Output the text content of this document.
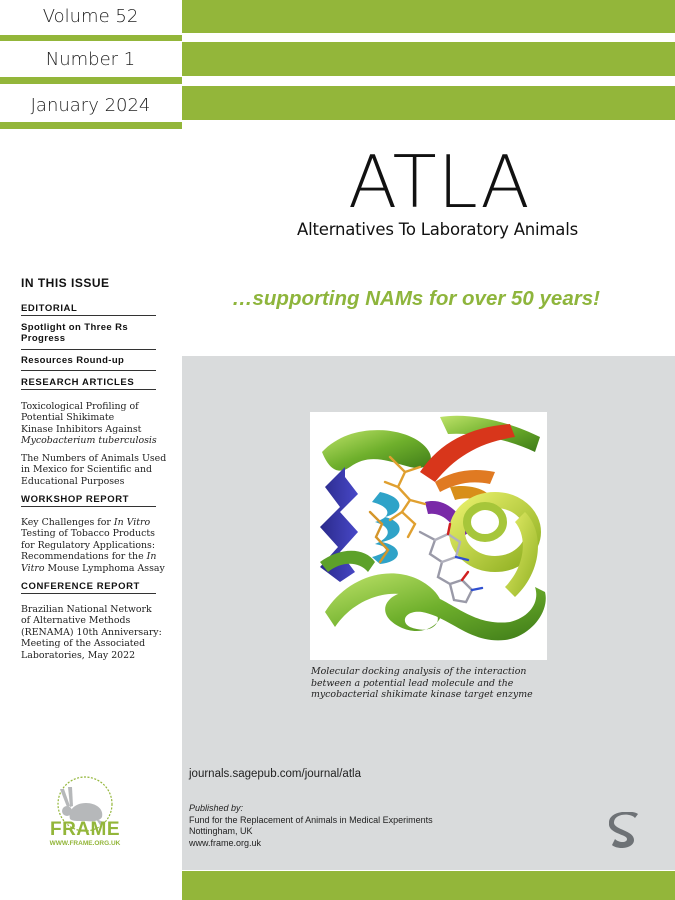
Volume 52
Number 1
January 2024
ATLA
Alternatives To Laboratory Animals
…supporting NAMs for over 50 years!
IN THIS ISSUE
EDITORIAL
Spotlight on Three Rs
Progress
Resources Round-up
RESEARCH ARTICLES
Toxicological Profiling of
Potential Shikimate
Kinase Inhibitors Against
Mycobacterium tuberculosis
The Numbers of Animals Used
in Mexico for Scientific and
Educational Purposes
WORKSHOP REPORT
Key Challenges for In Vitro
Testing of Tobacco Products
for Regulatory Applications:
Recommendations for the In
Vitro Mouse Lymphoma Assay
CONFERENCE REPORT
Brazilian National Network
of Alternative Methods
(RENAMA) 10th Anniversary:
Meeting of the Associated
Laboratories, May 2022
Molecular docking analysis of the interaction
between a potential lead molecule and the
mycobacterial shikimate kinase target enzyme
journals.sagepub.com/journal/atla
Published by:
Fund for the Replacement of Animals in Medical Experiments
Nottingham, UK
www.frame.org.uk
FRAME
WWW.FRAME.ORG.UK
